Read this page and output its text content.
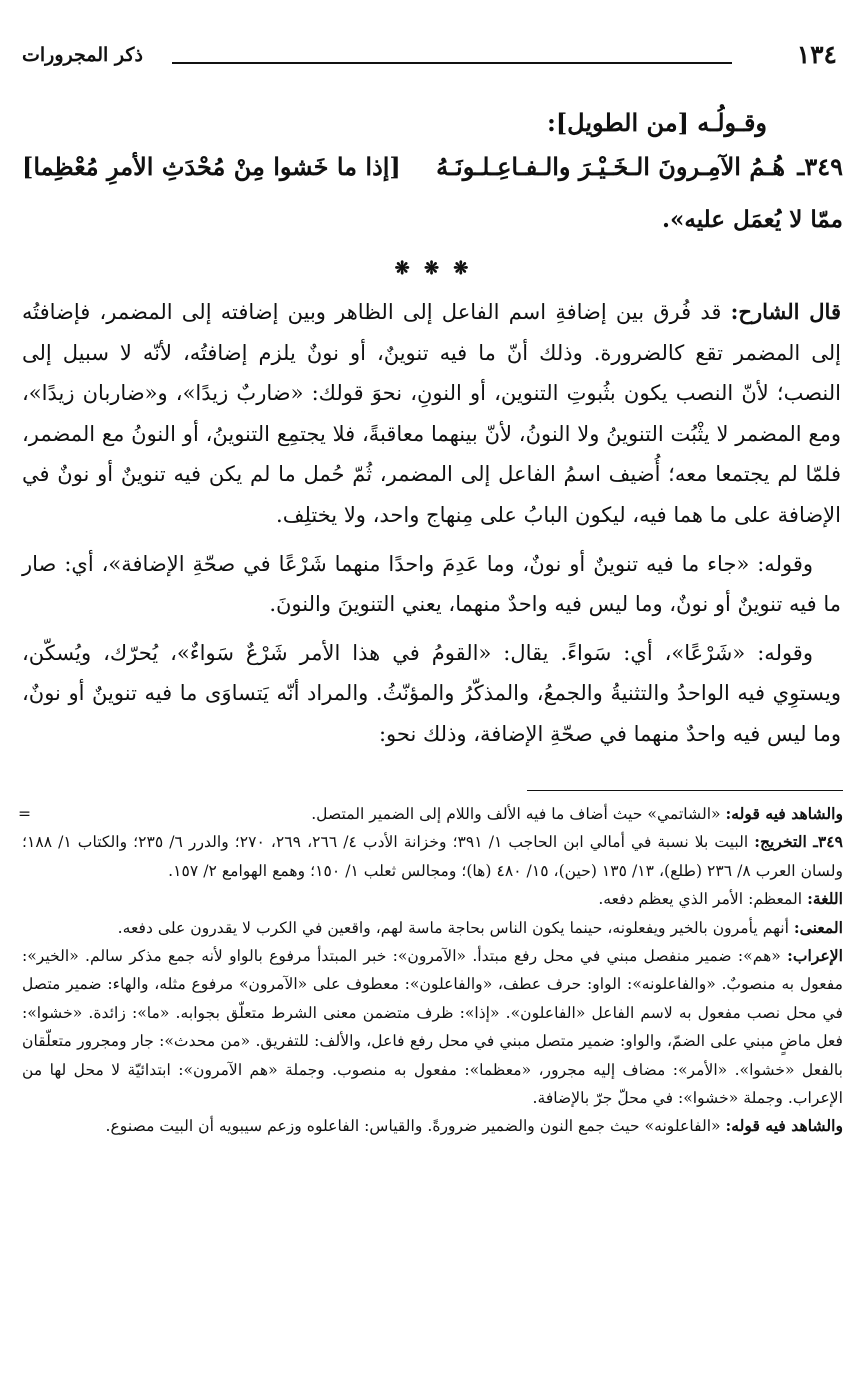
١٣٤
ذكر المجرورات
وقـولُـه [من الطويل]:
٣٤٩ـ
هُـمُ الآمِـرونَ الـخَـيْـرَ والـفـاعِـلـونَـهُ
[إذا ما خَشوا مِنْ مُحْدَثِ الأمرِ مُعْظِما]
ممّا لا يُعمَل عليه».
❋ ❋ ❋

قال الشارح: قد فُرق بين إضافةِ اسم الفاعل إلى الظاهر وبين إضافته إلى المضمر، فإضافتُه إلى المضمر تقع كالضرورة. وذلك أنّ ما فيه تنوينٌ، أو نونٌ يلزم إضافتُه، لأنّه لا سبيل إلى النصب؛ لأنّ النصب يكون بثُبوتِ التنوين، أو النونِ، نحوَ قولك: «ضاربٌ زيدًا»، و«ضاربان زيدًا»، ومع المضمر لا يثْبُت التنوينُ ولا النونُ، لأنّ بينهما معاقبةً، فلا يجتمِع التنوينُ، أو النونُ مع المضمر، فلمّا لم يجتمعا معه؛ أُضيف اسمُ الفاعل إلى المضمر، ثُمّ حُمل ما لم يكن فيه تنوينٌ أو نونٌ في الإضافة على ما هما فيه، ليكون البابُ على مِنهاج واحد، ولا يختلِف.

وقوله: «جاء ما فيه تنوينٌ أو نونٌ، وما عَدِمَ واحدًا منهما شَرْعًا في صحّةِ الإضافة»، أي: صار ما فيه تنوينٌ أو نونٌ، وما ليس فيه واحدٌ منهما، يعني التنوينَ والنونَ.

وقوله: «شَرْعًا»، أي: سَواءً. يقال: «القومُ في هذا الأمر شَرْعٌ سَواءٌ»، يُحرّك، ويُسكّن، ويستوِي فيه الواحدُ والتثنيةُ والجمعُ، والمذكّرُ والمؤنّثُ. والمراد أنّه يَتساوَى ما فيه تنوينٌ أو نونٌ، وما ليس فيه واحدٌ منهما في صحّةِ الإضافة، وذلك نحو:

والشاهد فيه قوله: «الشاتمي» حيث أضاف ما فيه الألف واللام إلى الضمير المتصل.
=

٣٤٩ـ التخريج: البيت بلا نسبة في أمالي ابن الحاجب ١/ ٣٩١؛ وخزانة الأدب ٤/ ٢٦٦، ٢٦٩، ٢٧٠؛ والدرر ٦/ ٢٣٥؛ والكتاب ١/ ١٨٨؛ ولسان العرب ٨/ ٢٣٦ (طلع)، ١٣/ ١٣٥ (حين)، ١٥/ ٤٨٠ (ها)؛ ومجالس ثعلب ١/ ١٥٠؛ وهمع الهوامع ٢/ ١٥٧.

اللغة: المعظم: الأمر الذي يعظم دفعه.

المعنى: أنهم يأمرون بالخير ويفعلونه، حينما يكون الناس بحاجة ماسة لهم، واقعين في الكرب لا يقدرون على دفعه.

الإعراب: «هم»: ضمير منفصل مبني في محل رفع مبتدأ. «الآمرون»: خبر المبتدأ مرفوع بالواو لأنه جمع مذكر سالم. «الخير»: مفعول به منصوبٌ. «والفاعلونه»: الواو: حرف عطف، «والفاعلون»: معطوف على «الآمرون» مرفوع مثله، والهاء: ضمير متصل في محل نصب مفعول به لاسم الفاعل «الفاعلون». «إذا»: ظرف متضمن معنى الشرط متعلّق بجوابه. «ما»: زائدة. «خشوا»: فعل ماضٍ مبني على الضمّ، والواو: ضمير متصل مبني في محل رفع فاعل، والألف: للتفريق. «من محدث»: جار ومجرور متعلّقان بالفعل «خشوا». «الأمر»: مضاف إليه مجرور، «معظما»: مفعول به منصوب. وجملة «هم الآمرون»: ابتدائيّة لا محل لها من الإعراب. وجملة «خشوا»: في محلّ جرّ بالإضافة.

والشاهد فيه قوله: «الفاعلونه» حيث جمع النون والضمير ضرورةً. والقياس: الفاعلوه وزعم سيبويه أن البيت مصنوع.
